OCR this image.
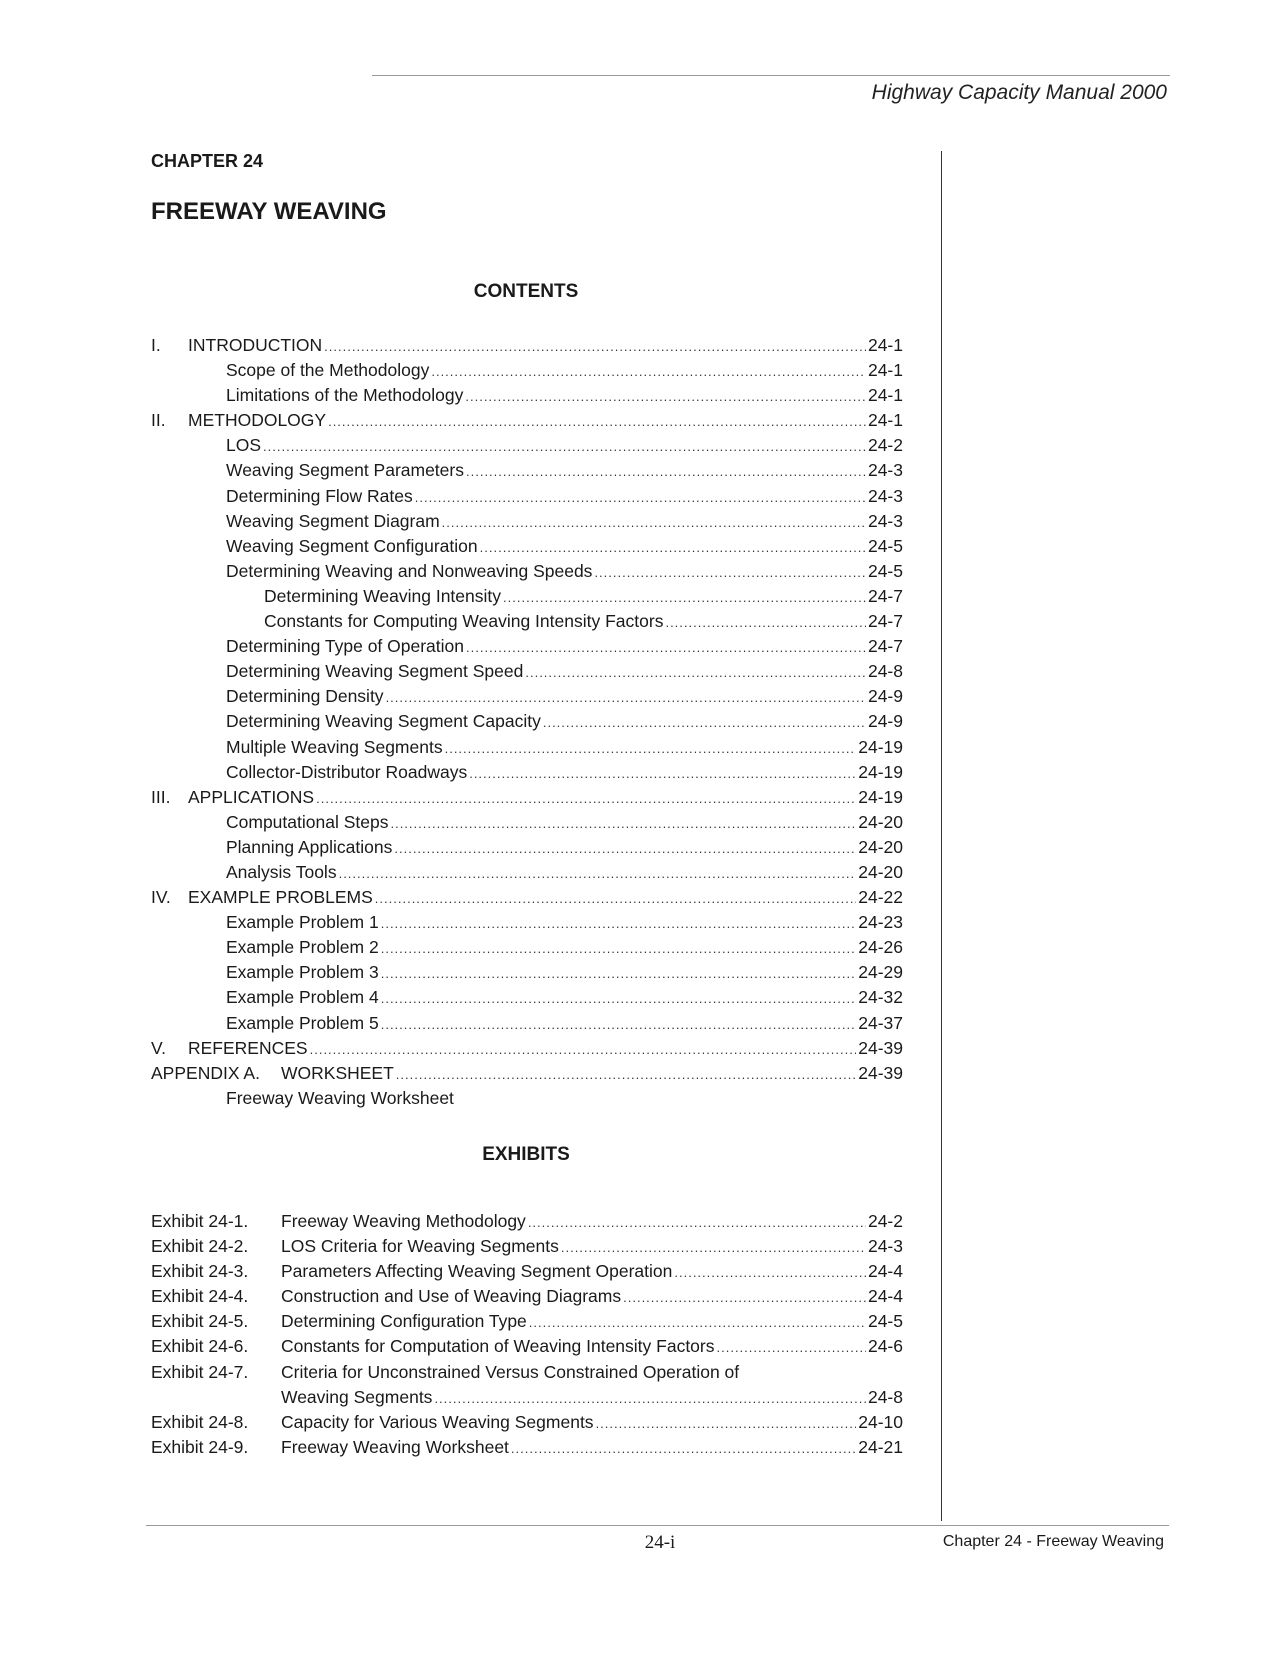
Highway Capacity Manual 2000
CHAPTER 24
FREEWAY WEAVING
CONTENTS
I. INTRODUCTION .....	24-1
Scope of the Methodology .....	24-1
Limitations of the Methodology .....	24-1
II. METHODOLOGY .....	24-1
LOS .....	24-2
Weaving Segment Parameters .....	24-3
Determining Flow Rates .....	24-3
Weaving Segment Diagram .....	24-3
Weaving Segment Configuration .....	24-5
Determining Weaving and Nonweaving Speeds .....	24-5
Determining Weaving Intensity .....	24-7
Constants for Computing Weaving Intensity Factors .....	24-7
Determining Type of Operation .....	24-7
Determining Weaving Segment Speed .....	24-8
Determining Density .....	24-9
Determining Weaving Segment Capacity .....	24-9
Multiple Weaving Segments .....	24-19
Collector-Distributor Roadways .....	24-19
III. APPLICATIONS .....	24-19
Computational Steps .....	24-20
Planning Applications .....	24-20
Analysis Tools .....	24-20
IV. EXAMPLE PROBLEMS .....	24-22
Example Problem 1 .....	24-23
Example Problem 2 .....	24-26
Example Problem 3 .....	24-29
Example Problem 4 .....	24-32
Example Problem 5 .....	24-37
V. REFERENCES .....	24-39
APPENDIX A. WORKSHEET .....	24-39
Freeway Weaving Worksheet
EXHIBITS
Exhibit 24-1. Freeway Weaving Methodology .....	24-2
Exhibit 24-2. LOS Criteria for Weaving Segments .....	24-3
Exhibit 24-3. Parameters Affecting Weaving Segment Operation .....	24-4
Exhibit 24-4. Construction and Use of Weaving Diagrams .....	24-4
Exhibit 24-5. Determining Configuration Type .....	24-5
Exhibit 24-6. Constants for Computation of Weaving Intensity Factors .....	24-6
Exhibit 24-7. Criteria for Unconstrained Versus Constrained Operation of
Weaving Segments .....	24-8
Exhibit 24-8. Capacity for Various Weaving Segments .....	24-10
Exhibit 24-9. Freeway Weaving Worksheet .....	24-21
24-i	Chapter 24 - Freeway Weaving
